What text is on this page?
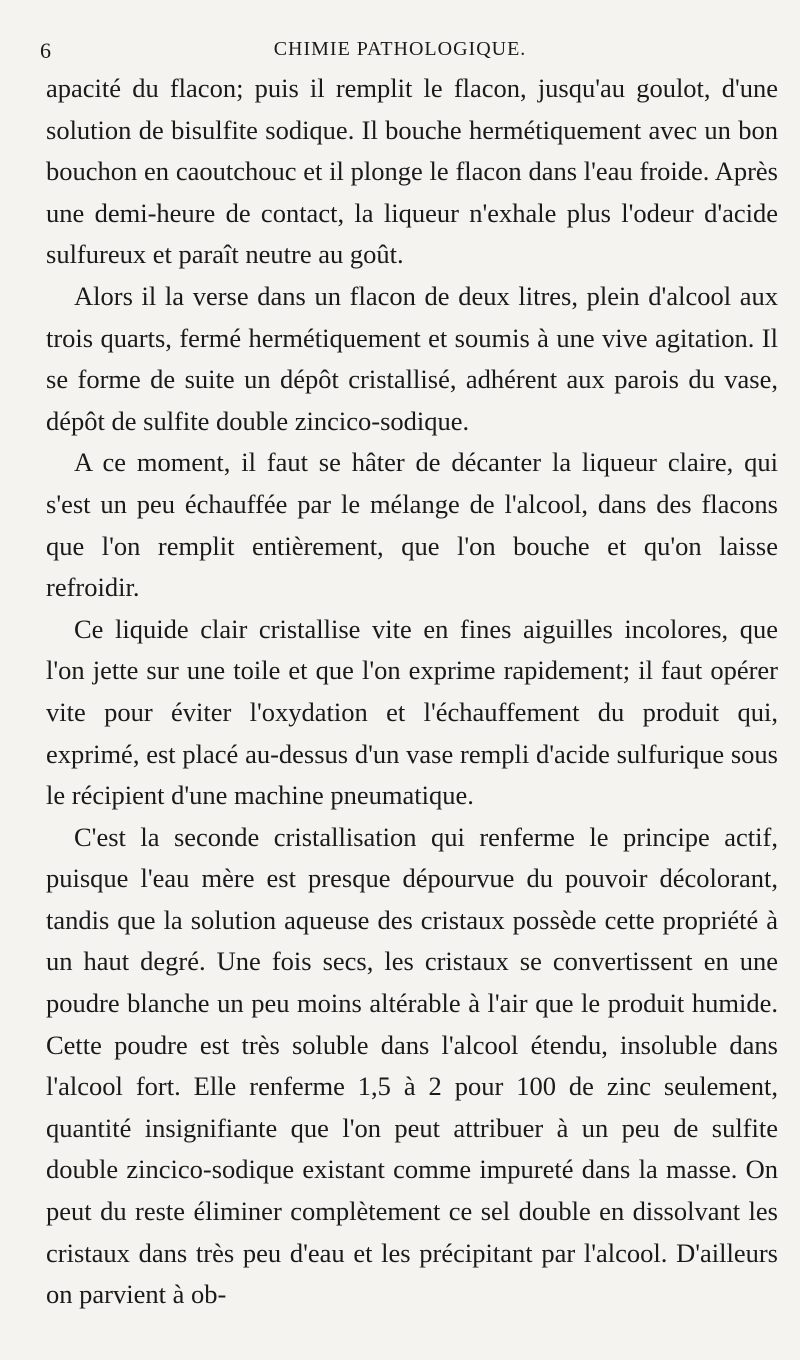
6	CHIMIE PATHOLOGIQUE.

apacité du flacon; puis il remplit le flacon, jusqu'au goulot, d'une solution de bisulfite sodique. Il bouche hermétiquement avec un bon bouchon en caoutchouc et il plonge le flacon dans l'eau froide. Après une demi-heure de contact, la liqueur n'exhale plus l'odeur d'acide sulfureux et paraît neutre au goût.

Alors il la verse dans un flacon de deux litres, plein d'alcool aux trois quarts, fermé hermétiquement et soumis à une vive agitation. Il se forme de suite un dépôt cristallisé, adhérent aux parois du vase, dépôt de sulfite double zincico-sodique.

A ce moment, il faut se hâter de décanter la liqueur claire, qui s'est un peu échauffée par le mélange de l'alcool, dans des flacons que l'on remplit entièrement, que l'on bouche et qu'on laisse refroidir.

Ce liquide clair cristallise vite en fines aiguilles incolores, que l'on jette sur une toile et que l'on exprime rapidement; il faut opérer vite pour éviter l'oxydation et l'échauffement du produit qui, exprimé, est placé au-dessus d'un vase rempli d'acide sulfurique sous le récipient d'une machine pneumatique.

C'est la seconde cristallisation qui renferme le principe actif, puisque l'eau mère est presque dépourvue du pouvoir décolorant, tandis que la solution aqueuse des cristaux possède cette propriété à un haut degré. Une fois secs, les cristaux se convertissent en une poudre blanche un peu moins altérable à l'air que le produit humide. Cette poudre est très soluble dans l'alcool étendu, insoluble dans l'alcool fort. Elle renferme 1,5 à 2 pour 100 de zinc seulement, quantité insignifiante que l'on peut attribuer à un peu de sulfite double zincico-sodique existant comme impureté dans la masse. On peut du reste éliminer complètement ce sel double en dissolvant les cristaux dans très peu d'eau et les précipitant par l'alcool. D'ailleurs on parvient à ob-
